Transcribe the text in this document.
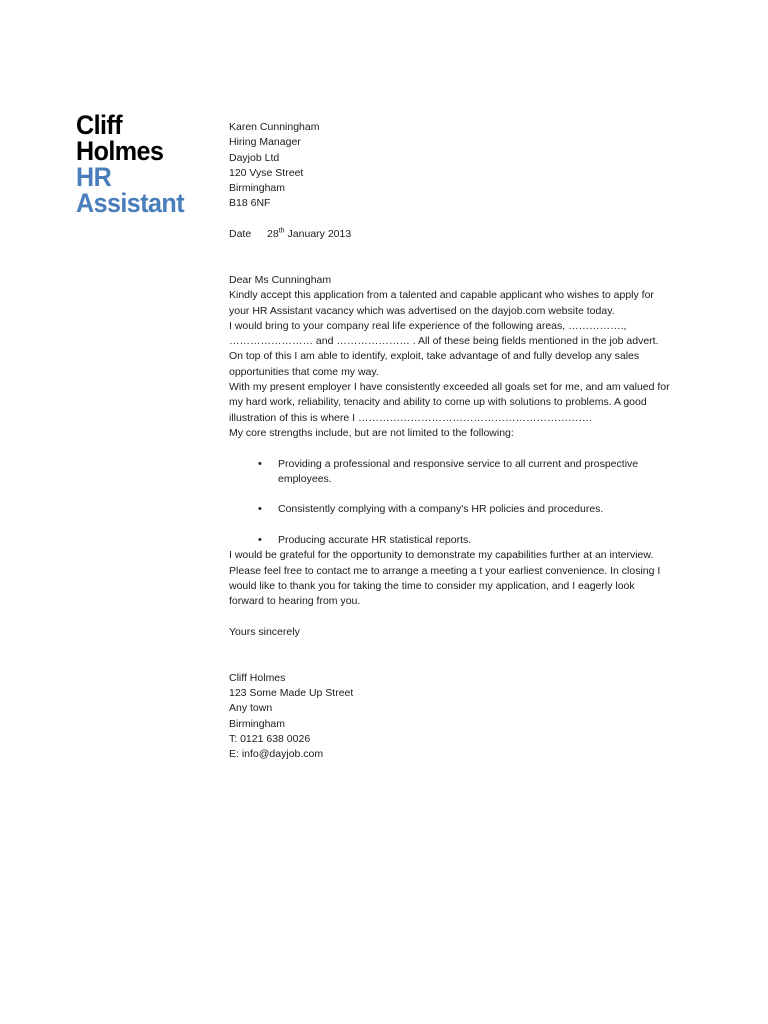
Cliff
Holmes
HR
Assistant
Karen Cunningham
Hiring Manager
Dayjob Ltd
120 Vyse Street
Birmingham
B18 6NF
Date 28th January 2013
Dear Ms Cunningham

Kindly accept this application from a talented and capable applicant who wishes to apply for your HR Assistant vacancy which was advertised on the dayjob.com website today.

I would bring to your company real life experience of the following areas, ……………., …………………… and ………………… . All of these being fields mentioned in the job advert. On top of this I am able to identify, exploit, take advantage of and fully develop any sales opportunities that come my way.

With my present employer I have consistently exceeded all goals set for me, and am valued for my hard work, reliability, tenacity and ability to come up with solutions to problems. A good illustration of this is where I ………………………………………………………….

My core strengths include, but are not limited to the following:

• Providing a professional and responsive service to all current and prospective employees.
• Consistently complying with a company's HR policies and procedures.
• Producing accurate HR statistical reports.

I would be grateful for the opportunity to demonstrate my capabilities further at an interview. Please feel free to contact me to arrange a meeting a t your earliest convenience. In closing I would like to thank you for taking the time to consider my application, and I eagerly look forward to hearing from you.

Yours sincerely
Cliff Holmes
123 Some Made Up Street
Any town
Birmingham
T: 0121 638 0026
E: info@dayjob.com
